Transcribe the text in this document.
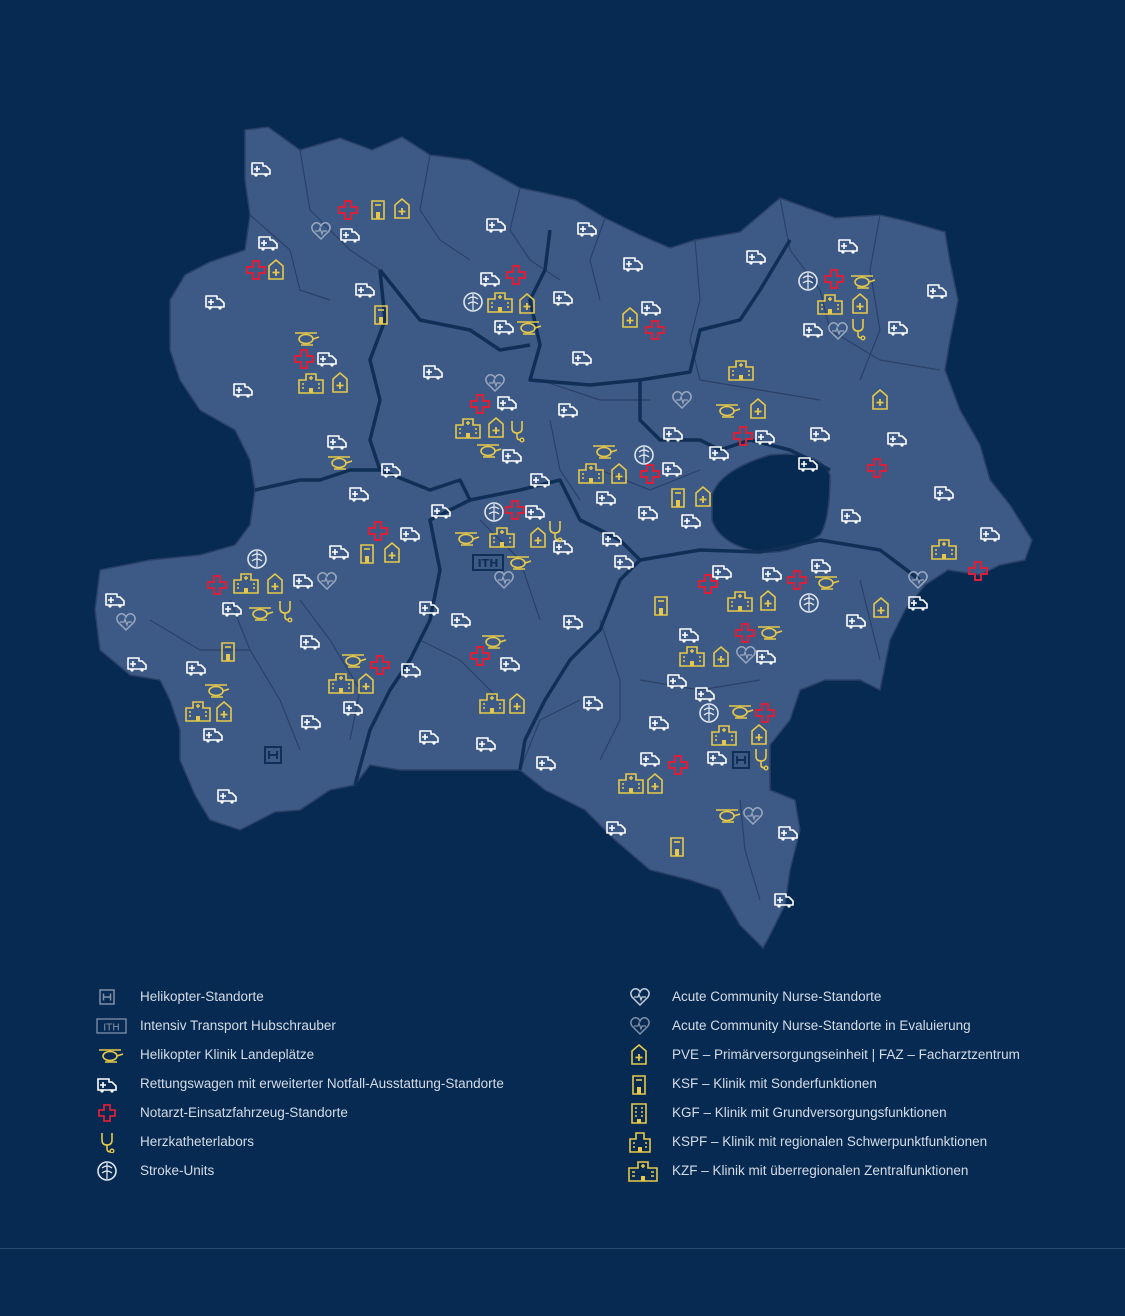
ITH
Helikopter-Standorte
ITH Intensiv Transport Hubschrauber
Helikopter Klinik Landeplätze
Rettungswagen mit erweiterter Notfall-Ausstattung-Standorte
Notarzt-Einsatzfahrzeug-Standorte
Herzkatheterlabors
Stroke-Units
Acute Community Nurse-Standorte
Acute Community Nurse-Standorte in Evaluierung
PVE – Primärversorgungseinheit | FAZ – Facharztzentrum
KSF – Klinik mit Sonderfunktionen
KGF – Klinik mit Grundversorgungsfunktionen
KSPF – Klinik mit regionalen Schwerpunktfunktionen
KZF – Klinik mit überregionalen Zentralfunktionen
